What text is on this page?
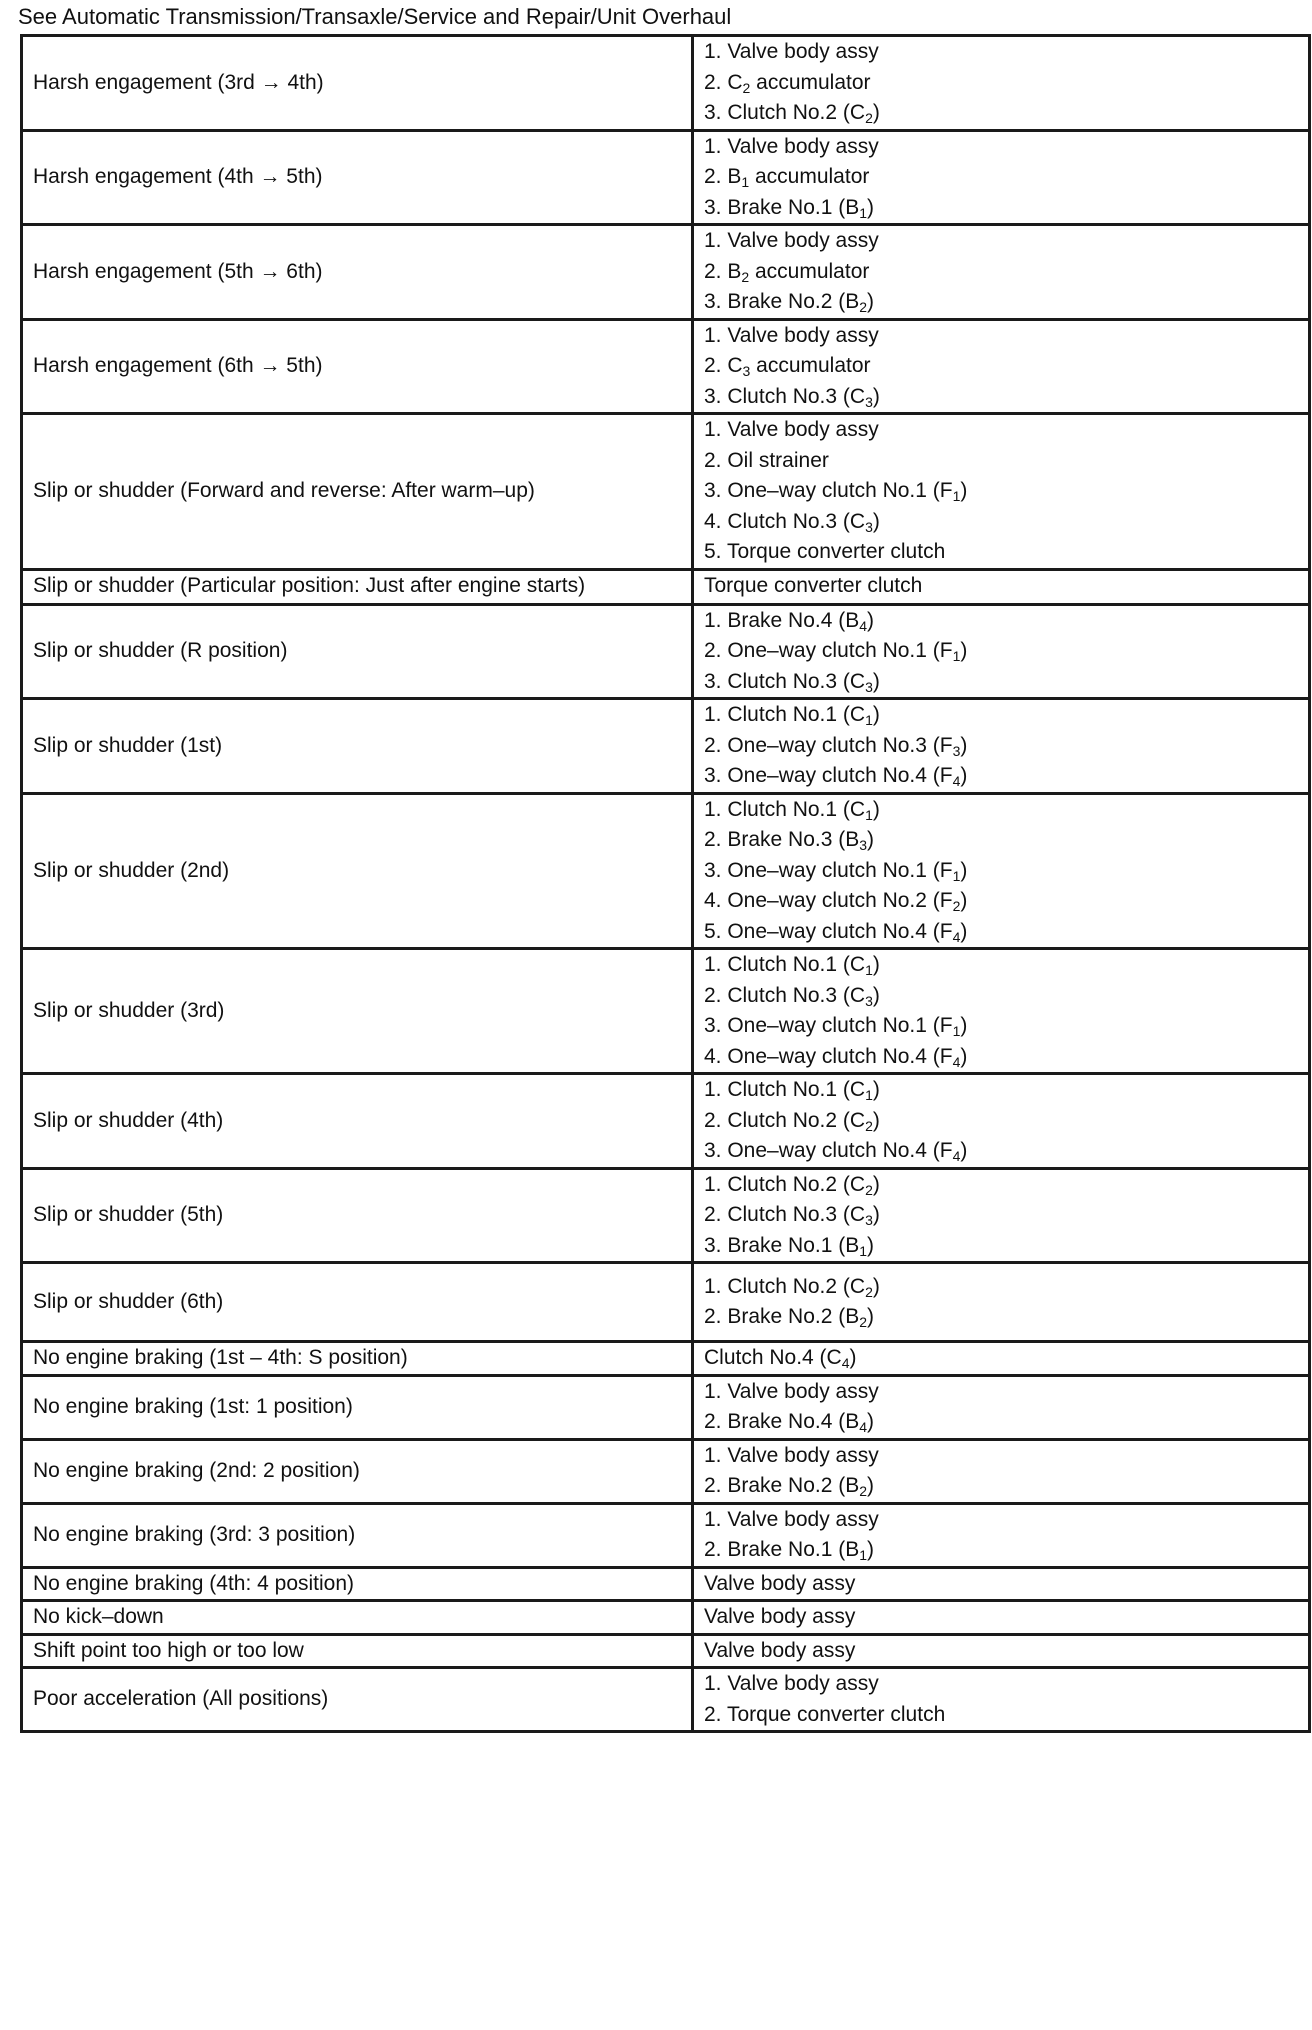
See Automatic Transmission/Transaxle/Service and Repair/Unit Overhaul
Harsh engagement (3rd → 4th)	1. Valve body assy
2. $C_2$ accumulator
3. Clutch No.2 $(C_2)$

Harsh engagement (4th → 5th)	1. Valve body assy
2. $B_1$ accumulator
3. Brake No.1 $(B_1)$

Harsh engagement (5th → 6th)	1. Valve body assy
2. $B_2$ accumulator
3. Brake No.2 $(B_2)$

Harsh engagement (6th → 5th)	1. Valve body assy
2. $C_3$ accumulator
3. Clutch No.3 $(C_3)$

Slip or shudder (Forward and reverse: After warm–up)	1. Valve body assy
2. Oil strainer
3. One–way clutch No.1 $(F_1)$
4. Clutch No.3 $(C_3)$
5. Torque converter clutch

Slip or shudder (Particular position: Just after engine starts)	Torque converter clutch

Slip or shudder (R position)	1. Brake No.4 $(B_4)$
2. One–way clutch No.1 $(F_1)$
3. Clutch No.3 $(C_3)$

Slip or shudder (1st)	1. Clutch No.1 $(C_1)$
2. One–way clutch No.3 $(F_3)$
3. One–way clutch No.4 $(F_4)$

Slip or shudder (2nd)	1. Clutch No.1 $(C_1)$
2. Brake No.3 $(B_3)$
3. One–way clutch No.1 $(F_1)$
4. One–way clutch No.2 $(F_2)$
5. One–way clutch No.4 $(F_4)$

Slip or shudder (3rd)	1. Clutch No.1 $(C_1)$
2. Clutch No.3 $(C_3)$
3. One–way clutch No.1 $(F_1)$
4. One–way clutch No.4 $(F_4)$

Slip or shudder (4th)	1. Clutch No.1 $(C_1)$
2. Clutch No.2 $(C_2)$
3. One–way clutch No.4 $(F_4)$

Slip or shudder (5th)	1. Clutch No.2 $(C_2)$
2. Clutch No.3 $(C_3)$
3. Brake No.1 $(B_1)$

Slip or shudder (6th)	1. Clutch No.2 $(C_2)$
2. Brake No.2 $(B_2)$

No engine braking (1st – 4th: S position)	Clutch No.4 $(C_4)$

No engine braking (1st: 1 position)	1. Valve body assy
2. Brake No.4 $(B_4)$

No engine braking (2nd: 2 position)	1. Valve body assy
2. Brake No.2 $(B_2)$

No engine braking (3rd: 3 position)	1. Valve body assy
2. Brake No.1 $(B_1)$

No engine braking (4th: 4 position)	Valve body assy

No kick–down	Valve body assy

Shift point too high or too low	Valve body assy

Poor acceleration (All positions)	1. Valve body assy
2. Torque converter clutch
